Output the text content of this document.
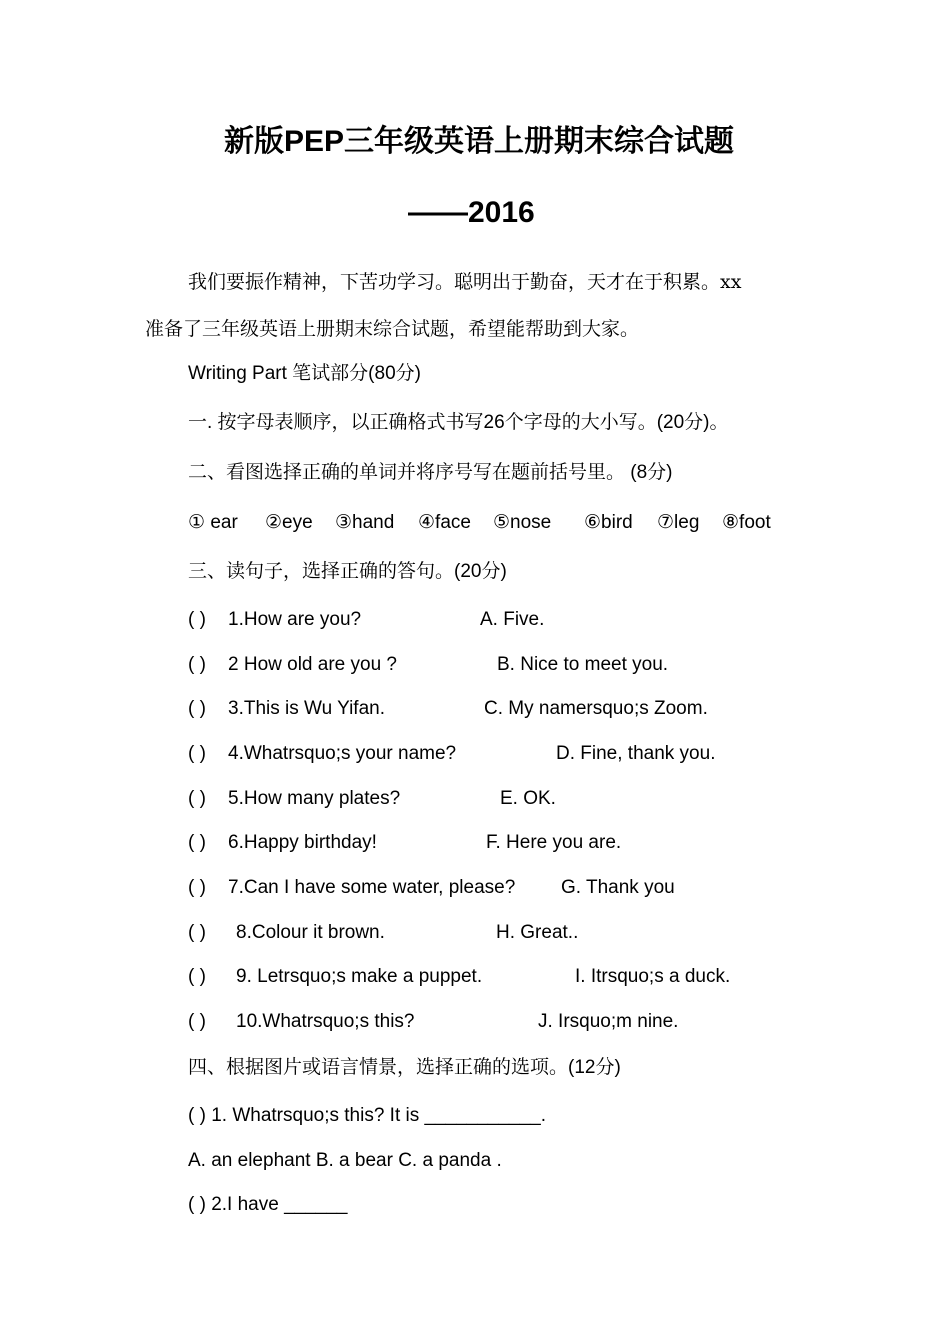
新版PEP三年级英语上册期末综合试题
——2016
我们要振作精神，下苦功学习。聪明出于勤奋，天才在于积累。xx
准备了三年级英语上册期末综合试题，希望能帮助到大家。
Writing Part 笔试部分(80分)
一. 按字母表顺序，以正确格式书写26个字母的大小写。(20分)。
二、看图选择正确的单词并将序号写在题前括号里。 (8分)
① ear ②eye ③hand ④face ⑤nose ⑥bird ⑦leg ⑧foot
三、读句子，选择正确的答句。(20分)
( ) 1.How are you?	A. Five.
( ) 2 How old are you ?	B. Nice to meet you.
( ) 3.This is Wu Yifan.	C. My namersquo;s Zoom.
( ) 4.Whatrsquo;s your name?	D. Fine, thank you.
( ) 5.How many plates?	E. OK.
( ) 6.Happy birthday!	F. Here you are.
( ) 7.Can I have some water, please? G. Thank you
( ) 8.Colour it brown.	H. Great..
( ) 9. Letrsquo;s make a puppet.	I. Itrsquo;s a duck.
( ) 10.Whatrsquo;s this?	J. Irsquo;m nine.
四、根据图片或语言情景，选择正确的选项。(12分)
( ) 1. Whatrsquo;s this? It is ___________.
A. an elephant B. a bear C. a panda .
( ) 2.I have ______
